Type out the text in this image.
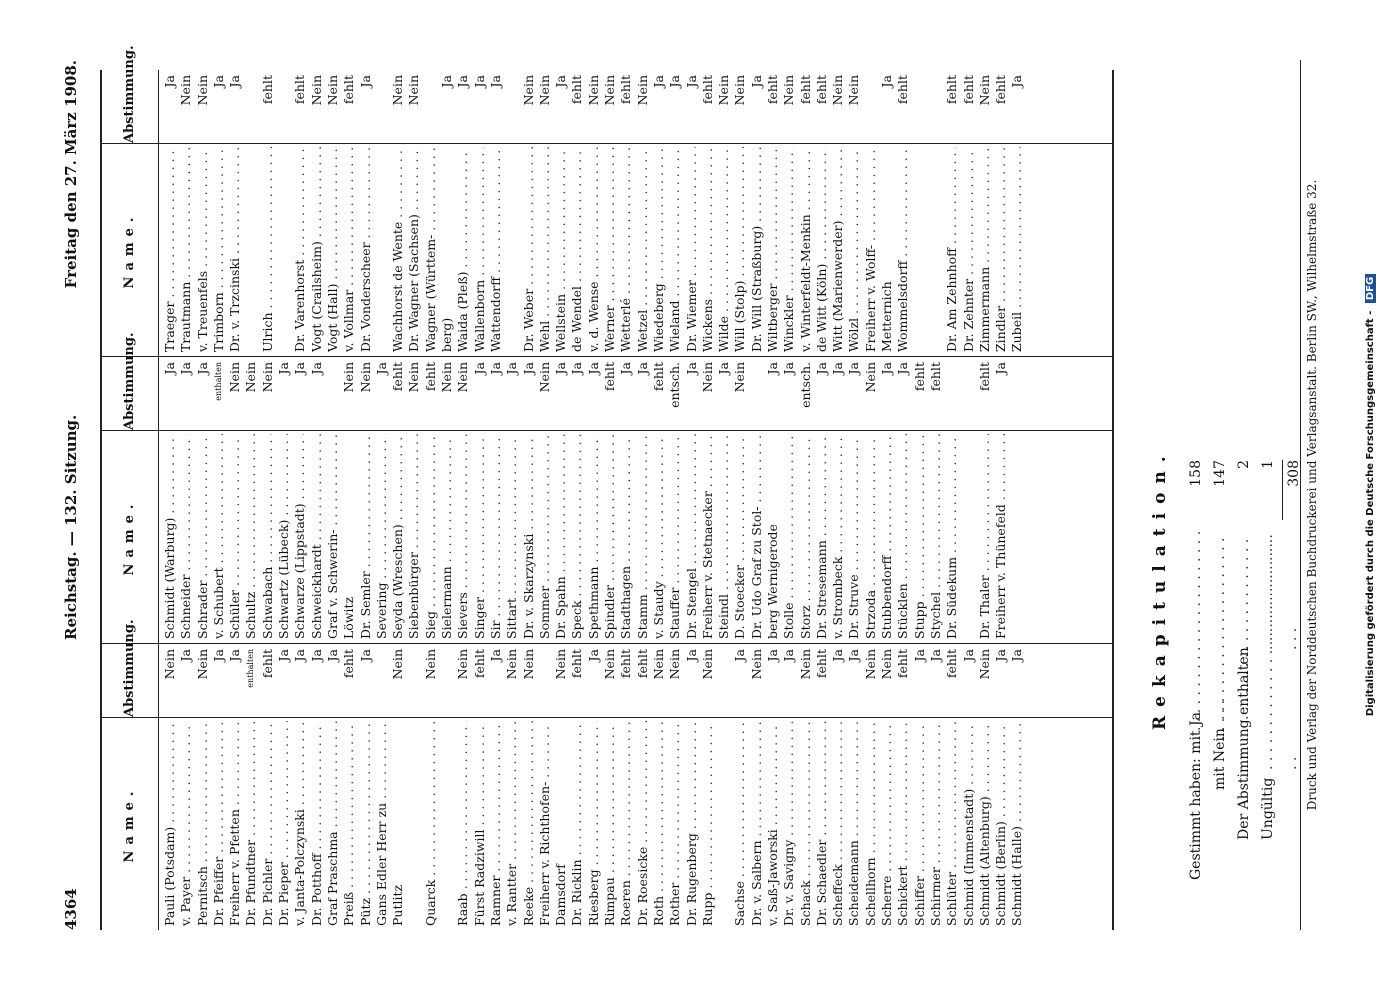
4364
Reichstag. — 132. Sitzung.
Freitag den 27. März 1908.
Name.
Abstimmung.
Pauli (Potsdam) . . .
Nein
v. Payer . . .
Ja
Pernitsch . . .
Nein
Dr. Pfeiffer . . .
Ja
Freiherr v. Pfetten . . .
Ja
Dr. Pfundtner . . .
enthalten
Dr. Pichler . . .
fehlt
Dr. Pieper . . .
Ja
v. Janta-Polczynski . . .
Ja
Dr. Potthoff . . .
Ja
Graf Praschma . . .
Ja
Preiß . . .
fehlt
Pütz . . .
Ja
Gans Edler Herr zu . . . Putlitz
Nein
Quarck . . .
Nein
Raab . . .
Nein
Fürst Radziwill . . .
fehlt
Ramner . . .
Ja
v. Rantter . . .
Nein
Reeke . . .
Nein
Freiherr v. Richthofen- . . . Damsdorf
Nein
Dr. Ricklin . . .
fehlt
Riesberg . . .
Ja
Rimpau . . .
Nein
Roeren . . .
fehlt
Dr. Roesicke . . .
fehlt
Roth . . .
Nein
Rother . . .
Nein
Dr. Rugenberg . . .
Ja
Rupp . . .
Nein
Sachse . . .
Ja
Dr. v. Salbern . . .
Nein
v. Saß-Jaworski . . .
Ja
Dr. v. Savigny . . .
Ja
Schack . . .
Nein
Dr. Schaedler . . .
fehlt
Scheffeck . . .
Ja
Scheidemann . . .
Ja
Schellhorn . . .
Nein
Scherre . . .
Nein
Schickert . . .
fehlt
Schiffer . . .
Ja
Schirmer . . .
Ja
Schlüter . . .
fehlt
Schmid (Immenstadt) . . .
Ja
Schmidt (Altenburg) . . .
Nein
Schmidt (Berlin) . . .
Ja
Schmidt (Halle) . . .
Ja
Name.
Abstimmung.
Schmidt (Warburg) . . .
Ja
Schneider . . .
Ja
Schrader . . .
Ja
v. Schubert . . .
enthalten
Schüler . . .
Nein
Schultz . . .
Nein
Schwabach . . .
Nein
Schwartz (Lübeck) . . .
Ja
Schwarze (Lippstadt) . . .
Ja
Schweickhardt . . .
Ja
Graf v. Schwerin- . . . Löwitz
Nein
Dr. Semler . . .
Nein
Severing . . .
Ja
Seyda (Wreschen) . . .
fehlt
Siebenbürger . . .
Nein
Sieg . . .
fehlt
Sielermann . . .
Nein
Sievers . . .
Nein
Singer . . .
Ja
Sir . . .
Ja
Sittart . . .
Ja
Dr. v. Skarzynski . . .
Ja
Sommer . . .
Nein
Dr. Spahn . . .
Ja
Speck . . .
Ja
Spethmann . . .
Ja
Spindler . . .
fehlt
Stadthagen . . .
Ja
Stamm . . .
Ja
v. Staudy . . .
fehlt
Stauffer . . .
entsch.
Dr. Stengel . . .
Ja
Freiherr v. Stetnaecker . . .
Nein
Steindl . . .
Ja
D. Stoecker . . .
Nein
Dr. Udo Graf zu Stol- . . . berg Wernigerode
Ja
Stolle . . .
Ja
Storz . . .
entsch.
Dr. Stresemann . . .
Ja
v. Strombeck . . .
Ja
Dr. Struve . . .
Ja
Strzoda . . .
Nein
Stubbendorff . . .
Ja
Stücklen . . .
Ja
Stupp . . .
fehlt
Stychel . . .
fehlt
Dr. Südekum . . . Dr. Thaler . . .
fehlt
Freiherr v. Thünefeld . . .
Ja
Name.
Abstimmung.
Traeger . . .
Ja
Trautmann . . .
Nein
v. Treuenfels . . .
Nein
Trimborn . . .
Ja
Dr. v. Trzcinski . . .
Ja
Ulrich . . .
fehlt
Dr. Varenhorst . . .
fehlt
Vogt (Crailsheim) . . .
Nein
Vogt (Hall) . . .
Nein
v. Vollmar . . .
fehlt
Dr. Vonderscheer . . .
Ja
Wachhorst de Wente . . .
Nein
Dr. Wagner (Sachsen) . . .
Nein
Wagner (Württem- . . . berg)
Ja
Waida (Pleß) . . .
Ja
Wallenborn . . .
Ja
Wattendorff . . .
Ja
Dr. Weber . . .
Nein
Wehl . . .
Nein
Wellstein . . .
Ja
de Wendel . . .
fehlt
v. d. Wense . . .
Nein
Werner . . .
Nein
Wetterlé . . .
fehlt
Wetzel . . .
Nein
Wiedeberg . . .
Ja
Wieland . . .
Ja
Dr. Wiemer . . .
Ja
Wickens . . .
fehlt
Wilde . . .
Nein
Will (Stolp) . . .
Nein
Dr. Will (Straßburg) . . .
Ja
Wiltberger . . .
fehlt
Winckler . . .
Nein
v. Winterfeldt-Menkin . . .
fehlt
de Witt (Köln) . . .
fehlt
Witt (Marienwerder) . . .
Nein
Wölzl . . .
Nein
Freiherr v. Wolff- . . . Metternich
Ja
Wommelsdorff . . .
fehlt
Dr. Am Zehnhoff . . .
fehlt
Dr. Zehnter . . .
fehlt
Zimmermann . . .
Nein
Zindler . . .
fehlt
Zubeil . . .
Ja
Rekapitulation.
Gestimmt haben: mit Ja
. . .
158
mit Nein
. . .
147
Der Abstimmung enthalten
. . .
2
Ungültig
. . .
1 308 Druck und Verlag der Norddeutschen Buchdruckerei und Verlagsanstalt. Berlin SW., Wilhelmstraße 32.	Digitalisierung gefördert durch die Deutsche Forschungsgemeinschaft - DFG
